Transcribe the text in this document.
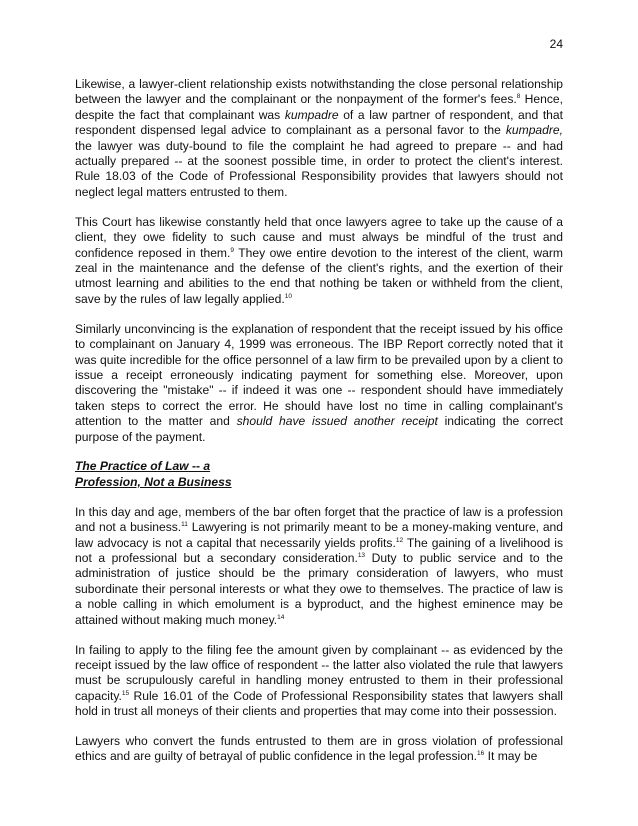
24

Likewise, a lawyer-client relationship exists notwithstanding the close personal relationship between the lawyer and the complainant or the nonpayment of the former's fees.$^8$ Hence, despite the fact that complainant was kumpadre of a law partner of respondent, and that respondent dispensed legal advice to complainant as a personal favor to the kumpadre, the lawyer was duty-bound to file the complaint he had agreed to prepare -- and had actually prepared -- at the soonest possible time, in order to protect the client's interest. Rule 18.03 of the Code of Professional Responsibility provides that lawyers should not neglect legal matters entrusted to them.

This Court has likewise constantly held that once lawyers agree to take up the cause of a client, they owe fidelity to such cause and must always be mindful of the trust and confidence reposed in them.$^9$ They owe entire devotion to the interest of the client, warm zeal in the maintenance and the defense of the client's rights, and the exertion of their utmost learning and abilities to the end that nothing be taken or withheld from the client, save by the rules of law legally applied.$^{10}$

Similarly unconvincing is the explanation of respondent that the receipt issued by his office to complainant on January 4, 1999 was erroneous. The IBP Report correctly noted that it was quite incredible for the office personnel of a law firm to be prevailed upon by a client to issue a receipt erroneously indicating payment for something else. Moreover, upon discovering the "mistake" -- if indeed it was one -- respondent should have immediately taken steps to correct the error. He should have lost no time in calling complainant's attention to the matter and should have issued another receipt indicating the correct purpose of the payment.

The Practice of Law -- a
Profession, Not a Business

In this day and age, members of the bar often forget that the practice of law is a profession and not a business.$^{11}$ Lawyering is not primarily meant to be a money-making venture, and law advocacy is not a capital that necessarily yields profits.$^{12}$ The gaining of a livelihood is not a professional but a secondary consideration.$^{13}$ Duty to public service and to the administration of justice should be the primary consideration of lawyers, who must subordinate their personal interests or what they owe to themselves. The practice of law is a noble calling in which emolument is a byproduct, and the highest eminence may be attained without making much money.$^{14}$

In failing to apply to the filing fee the amount given by complainant -- as evidenced by the receipt issued by the law office of respondent -- the latter also violated the rule that lawyers must be scrupulously careful in handling money entrusted to them in their professional capacity.$^{15}$ Rule 16.01 of the Code of Professional Responsibility states that lawyers shall hold in trust all moneys of their clients and properties that may come into their possession.

Lawyers who convert the funds entrusted to them are in gross violation of professional ethics and are guilty of betrayal of public confidence in the legal profession.$^{16}$ It may be
